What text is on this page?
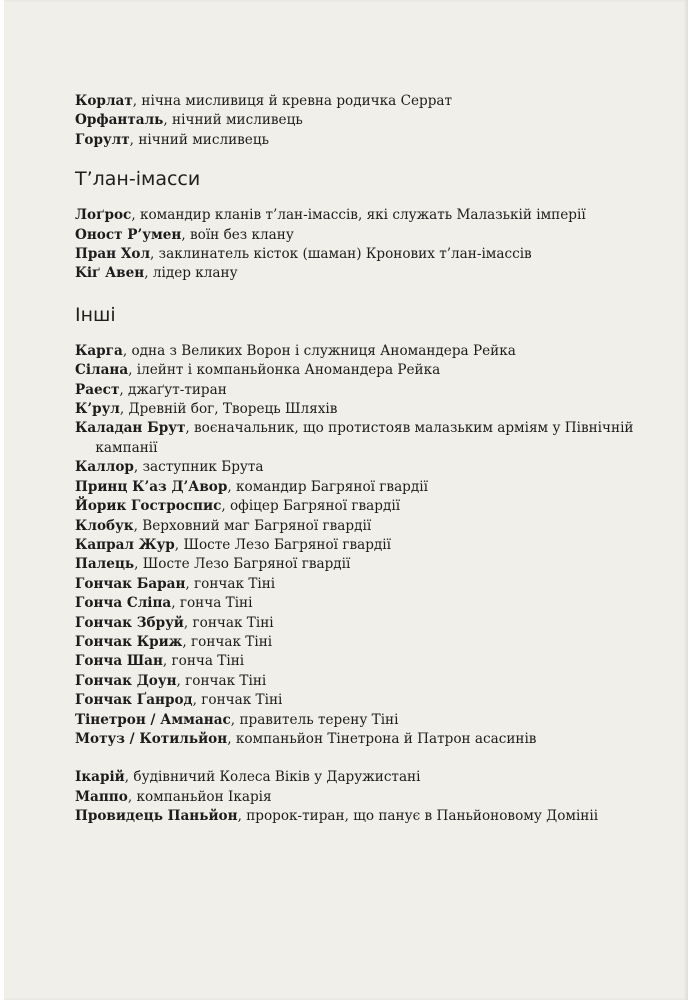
Корлат, нічна мисливиця й кревна родичка Серрат

Орфанталь, нічний мисливець

Горулт, нічний мисливець

Т’лан-імасси

Лоґрос, командир кланів т’лан-імассів, які служать Малазькій імперії

Оност Р’умен, воїн без клану

Пран Хол, заклинатель кісток (шаман) Кронових т’лан-імассів

Kіґ Авен, лідер клану

Інші

Карга, одна з Великих Ворон і служниця Аномандера Рейка

Сілана, ілейнт і компаньйонка Аномандера Рейка

Раест, джаґут-тиран

К’рул, Древній бог, Творець Шляхів

Каладан Брут, воєначальник, що протистояв малазьким арміям у Північній кампанії

Каллор, заступник Брута

Принц К’аз Д’Авор, командир Багряної гвардії

Йорик Гостроспис, офіцер Багряної гвардії

Клобук, Верховний маг Багряної гвардії

Капрал Жур, Шосте Лезо Багряної гвардії

Палець, Шосте Лезо Багряної гвардії

Гончак Баран, гончак Тіні

Гонча Сліпа, гонча Тіні

Гончак Збруй, гончак Тіні

Гончак Криж, гончак Тіні

Гонча Шан, гонча Тіні

Гончак Доун, гончак Тіні

Гончак Ґанрод, гончак Тіні

Тінетрон / Амманас, правитель терену Тіні

Мотуз / Котильйон, компаньйон Тінетрона й Патрон асасинів

Ікарій, будівничий Колеса Віків у Даружистані

Маппо, компаньйон Ікарія

Провидець Паньйон, пророк-тиран, що панує в Паньйоновому Домініі
